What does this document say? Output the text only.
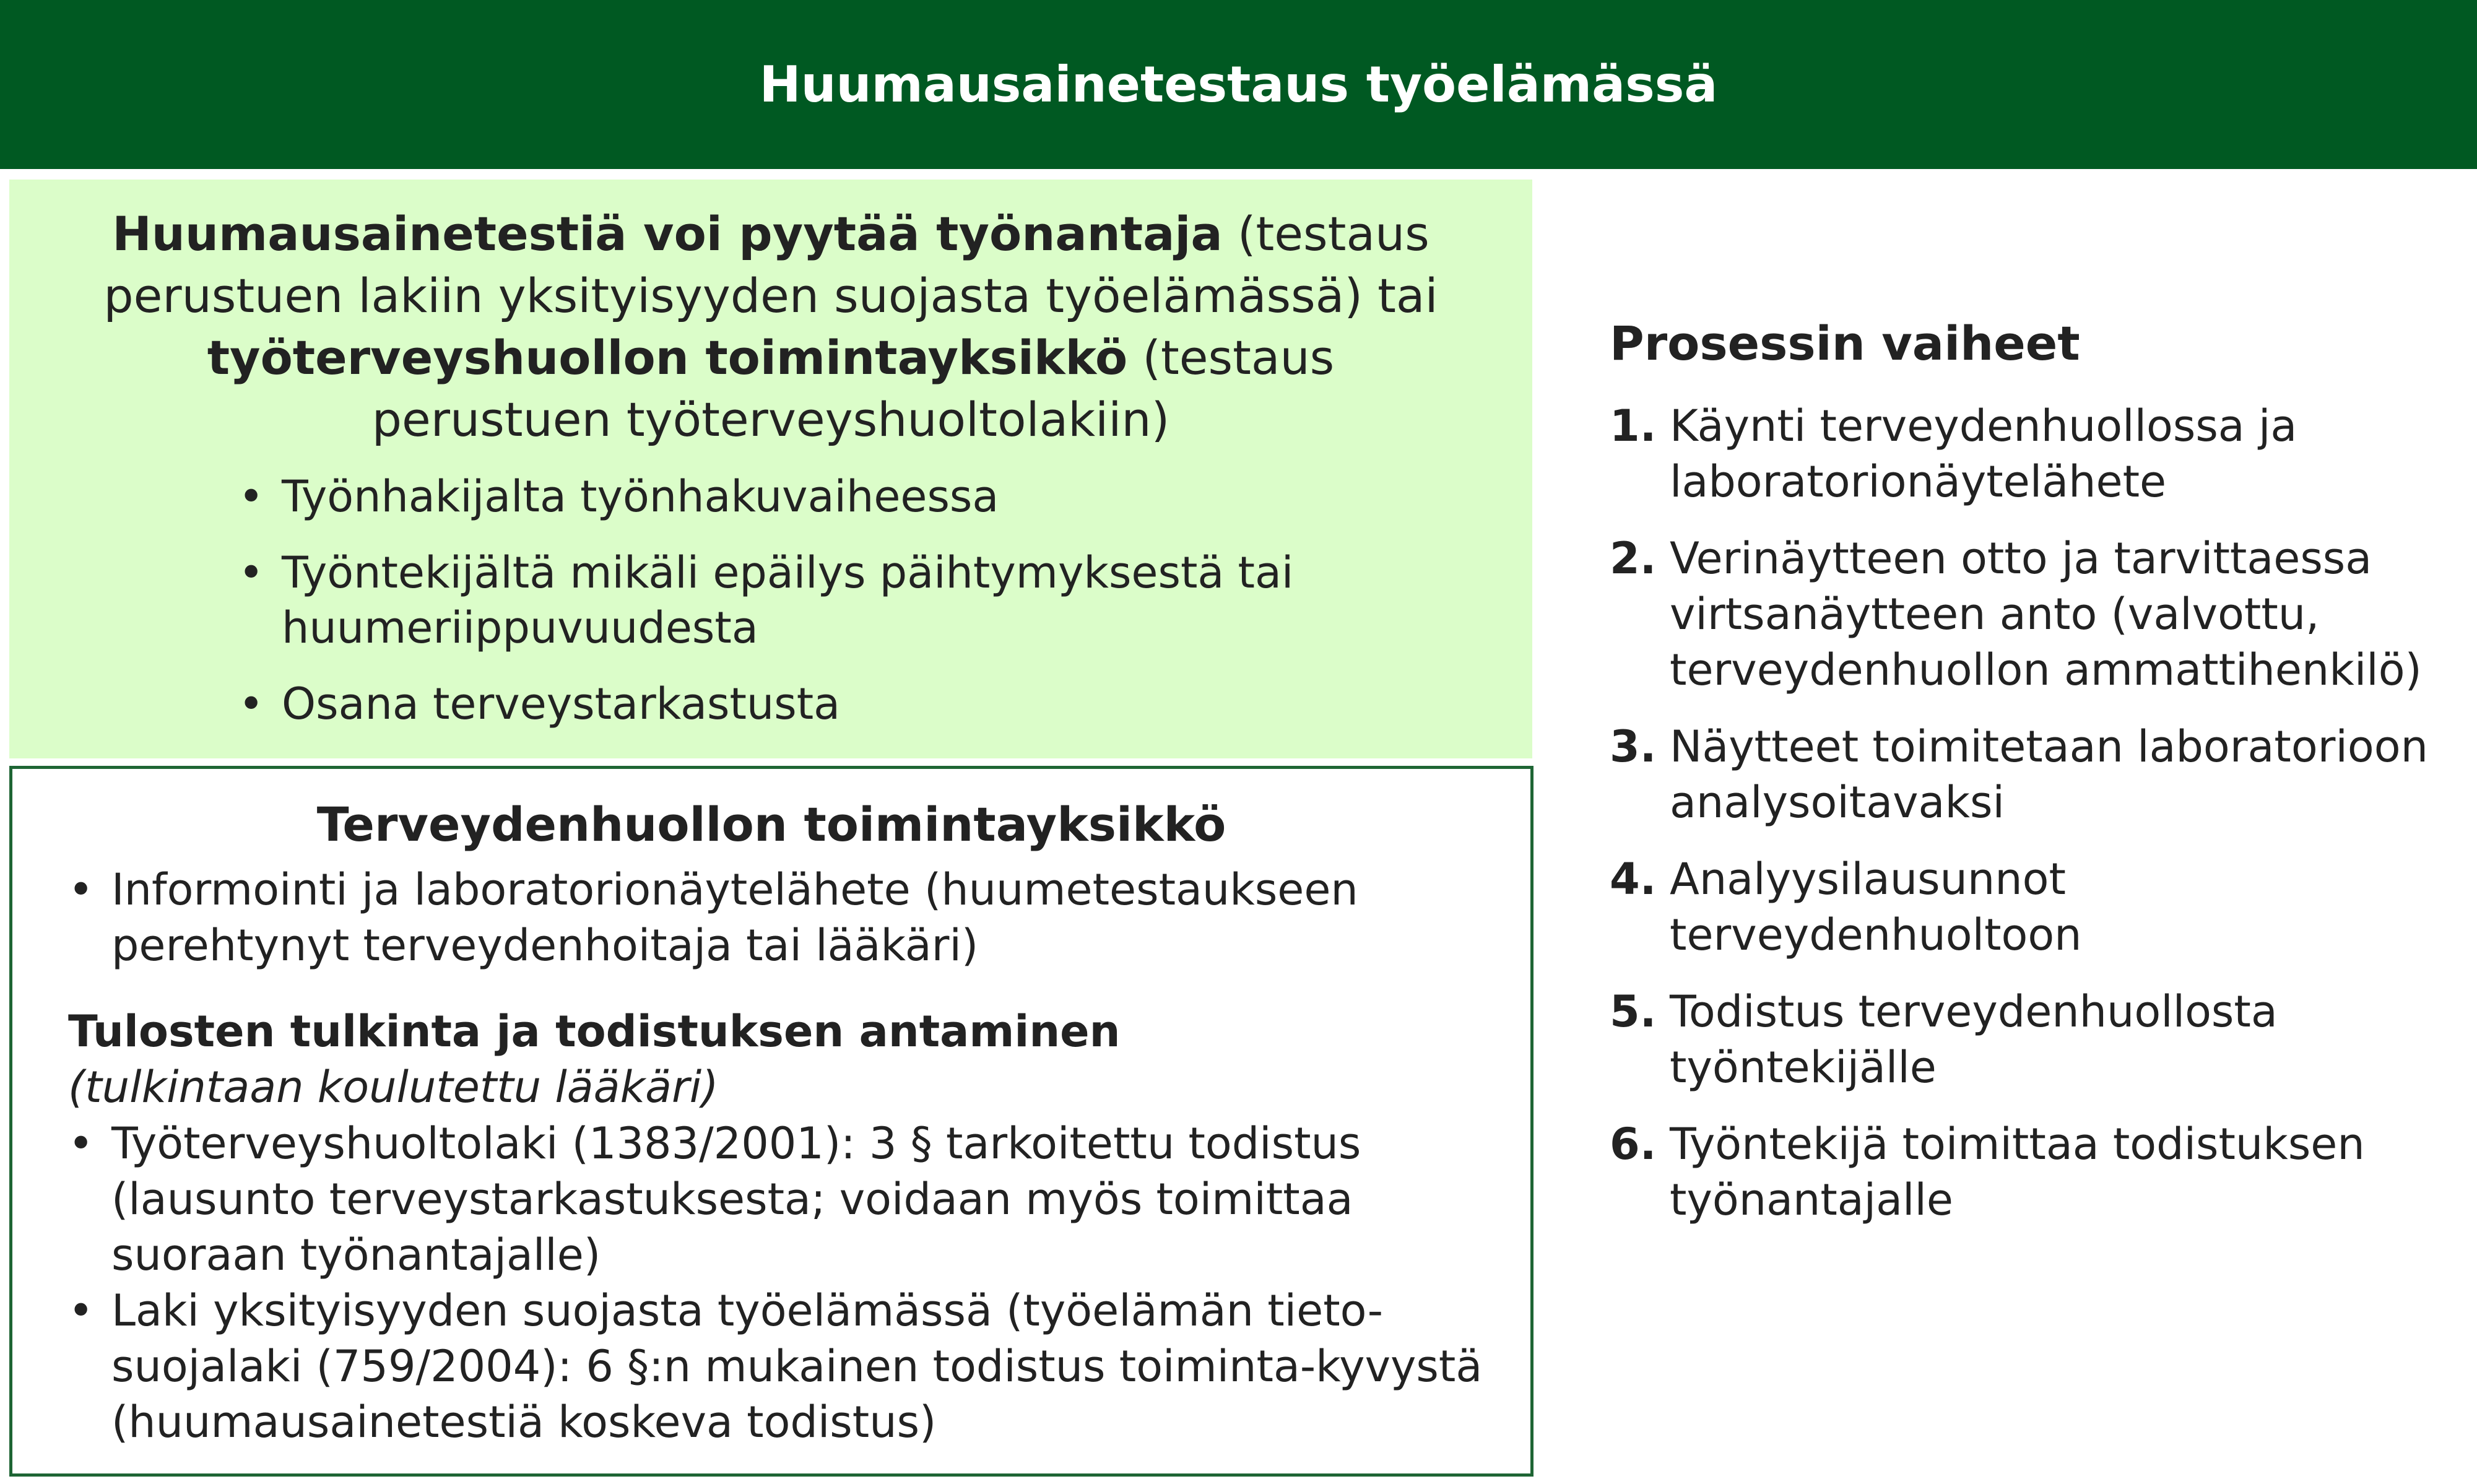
Huumausainetestaus työelämässä
Huumausainetestiä voi pyytää työnantaja (testaus perustuen lakiin yksityisyyden suojasta työelämässä) tai työterveyshuollon toimintayksikkö (testaus perustuen työterveyshuoltolakiin)
• Työnhakijalta työnhakuvaiheessa
• Työntekijältä mikäli epäilys päihtymyksestä tai huumeriippuvuudesta
• Osana terveystarkastusta
Terveydenhuollon toimintayksikkö
• Informointi ja laboratorionäytelähete (huumetestaukseen perehtynyt terveydenhoitaja tai lääkäri)
Tulosten tulkinta ja todistuksen antaminen
(tulkintaan koulutettu lääkäri)
• Työterveyshuoltolaki (1383/2001): 3 § tarkoitettu todistus (lausunto terveystarkastuksesta; voidaan myös toimittaa suoraan työnantajalle)
• Laki yksityisyyden suojasta työelämässä (työelämän tieto-suojalaki (759/2004): 6 §:n mukainen todistus toiminta-kyvystä (huumausainetestiä koskeva todistus)
Prosessin vaiheet
1. Käynti terveydenhuollossa ja laboratorionäytelähete
2. Verinäytteen otto ja tarvittaessa virtsanäytteen anto (valvottu, terveydenhuollon ammattihenkilö)
3. Näytteet toimitetaan laboratorioon analysoitavaksi
4. Analyysilausunnot terveydenhuoltoon
5. Todistus terveydenhuollosta työntekijälle
6. Työntekijä toimittaa todistuksen työnantajalle
